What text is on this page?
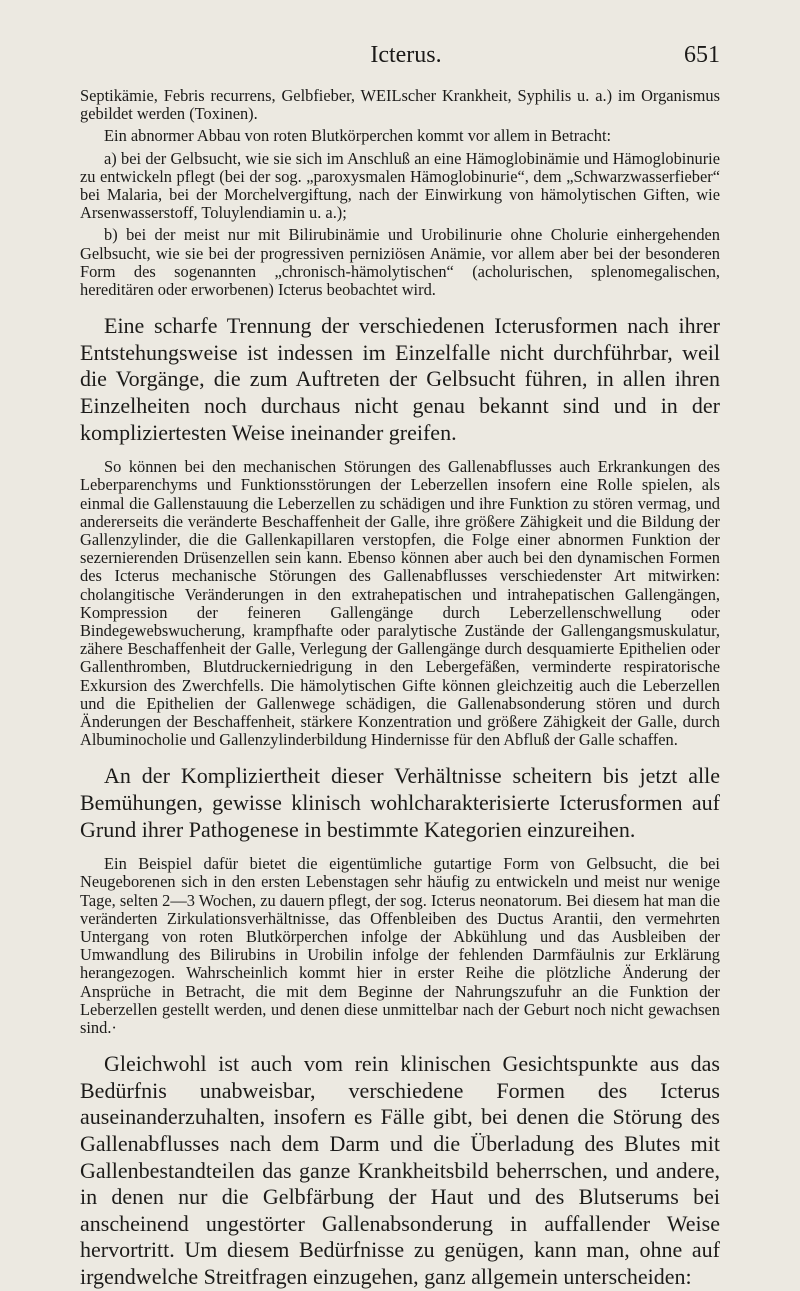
Icterus.	651

Septikämie, Febris recurrens, Gelbfieber, WEILscher Krankheit, Syphilis u. a.) im Organismus gebildet werden (Toxinen).

Ein abnormer Abbau von roten Blutkörperchen kommt vor allem in Betracht:

a) bei der Gelbsucht, wie sie sich im Anschluß an eine Hämoglobinämie und Hämoglobinurie zu entwickeln pflegt (bei der sog. „paroxysmalen Hämoglobinurie“, dem „Schwarzwasserfieber“ bei Malaria, bei der Morchelvergiftung, nach der Einwirkung von hämolytischen Giften, wie Arsenwasserstoff, Toluylendiamin u. a.);

b) bei der meist nur mit Bilirubinämie und Urobilinurie ohne Cholurie einhergehenden Gelbsucht, wie sie bei der progressiven perniziösen Anämie, vor allem aber bei der besonderen Form des sogenannten „chronisch-hämolytischen“ (acholurischen, splenomegalischen, hereditären oder erworbenen) Icterus beobachtet wird.

Eine scharfe Trennung der verschiedenen Icterusformen nach ihrer Entstehungsweise ist indessen im Einzelfalle nicht durchführbar, weil die Vorgänge, die zum Auftreten der Gelbsucht führen, in allen ihren Einzelheiten noch durchaus nicht genau bekannt sind und in der kompliziertesten Weise ineinander greifen.

So können bei den mechanischen Störungen des Gallenabflusses auch Erkrankungen des Leberparenchyms und Funktionsstörungen der Leberzellen insofern eine Rolle spielen, als einmal die Gallenstauung die Leberzellen zu schädigen und ihre Funktion zu stören vermag, und andererseits die veränderte Beschaffenheit der Galle, ihre größere Zähigkeit und die Bildung der Gallenzylinder, die die Gallenkapillaren verstopfen, die Folge einer abnormen Funktion der sezernierenden Drüsenzellen sein kann. Ebenso können aber auch bei den dynamischen Formen des Icterus mechanische Störungen des Gallenabflusses verschiedenster Art mitwirken: cholangitische Veränderungen in den extrahepatischen und intrahepatischen Gallengängen, Kompression der feineren Gallengänge durch Leberzellenschwellung oder Bindegewebswucherung, krampfhafte oder paralytische Zustände der Gallengangsmuskulatur, zähere Beschaffenheit der Galle, Verlegung der Gallengänge durch desquamierte Epithelien oder Gallenthromben, Blutdruckerniedrigung in den Lebergefäßen, verminderte respiratorische Exkursion des Zwerchfells. Die hämolytischen Gifte können gleichzeitig auch die Leberzellen und die Epithelien der Gallenwege schädigen, die Gallenabsonderung stören und durch Änderungen der Beschaffenheit, stärkere Konzentration und größere Zähigkeit der Galle, durch Albuminocholie und Gallenzylinderbildung Hindernisse für den Abfluß der Galle schaffen.

An der Kompliziertheit dieser Verhältnisse scheitern bis jetzt alle Bemühungen, gewisse klinisch wohlcharakterisierte Icterusformen auf Grund ihrer Pathogenese in bestimmte Kategorien einzureihen.

Ein Beispiel dafür bietet die eigentümliche gutartige Form von Gelbsucht, die bei Neugeborenen sich in den ersten Lebenstagen sehr häufig zu entwickeln und meist nur wenige Tage, selten 2—3 Wochen, zu dauern pflegt, der sog. Icterus neonatorum. Bei diesem hat man die veränderten Zirkulationsverhältnisse, das Offenbleiben des Ductus Arantii, den vermehrten Untergang von roten Blutkörperchen infolge der Abkühlung und das Ausbleiben der Umwandlung des Bilirubins in Urobilin infolge der fehlenden Darmfäulnis zur Erklärung herangezogen. Wahrscheinlich kommt hier in erster Reihe die plötzliche Änderung der Ansprüche in Betracht, die mit dem Beginne der Nahrungszufuhr an die Funktion der Leberzellen gestellt werden, und denen diese unmittelbar nach der Geburt noch nicht gewachsen sind.·

Gleichwohl ist auch vom rein klinischen Gesichtspunkte aus das Bedürfnis unabweisbar, verschiedene Formen des Icterus auseinanderzuhalten, insofern es Fälle gibt, bei denen die Störung des Gallenabflusses nach dem Darm und die Überladung des Blutes mit Gallenbestandteilen das ganze Krankheitsbild beherrschen, und andere, in denen nur die Gelbfärbung der Haut und des Blutserums bei anscheinend ungestörter Gallenabsonderung in auffallender Weise hervortritt. Um diesem Bedürfnisse zu genügen, kann man, ohne auf irgendwelche Streitfragen einzugehen, ganz allgemein unterscheiden:
